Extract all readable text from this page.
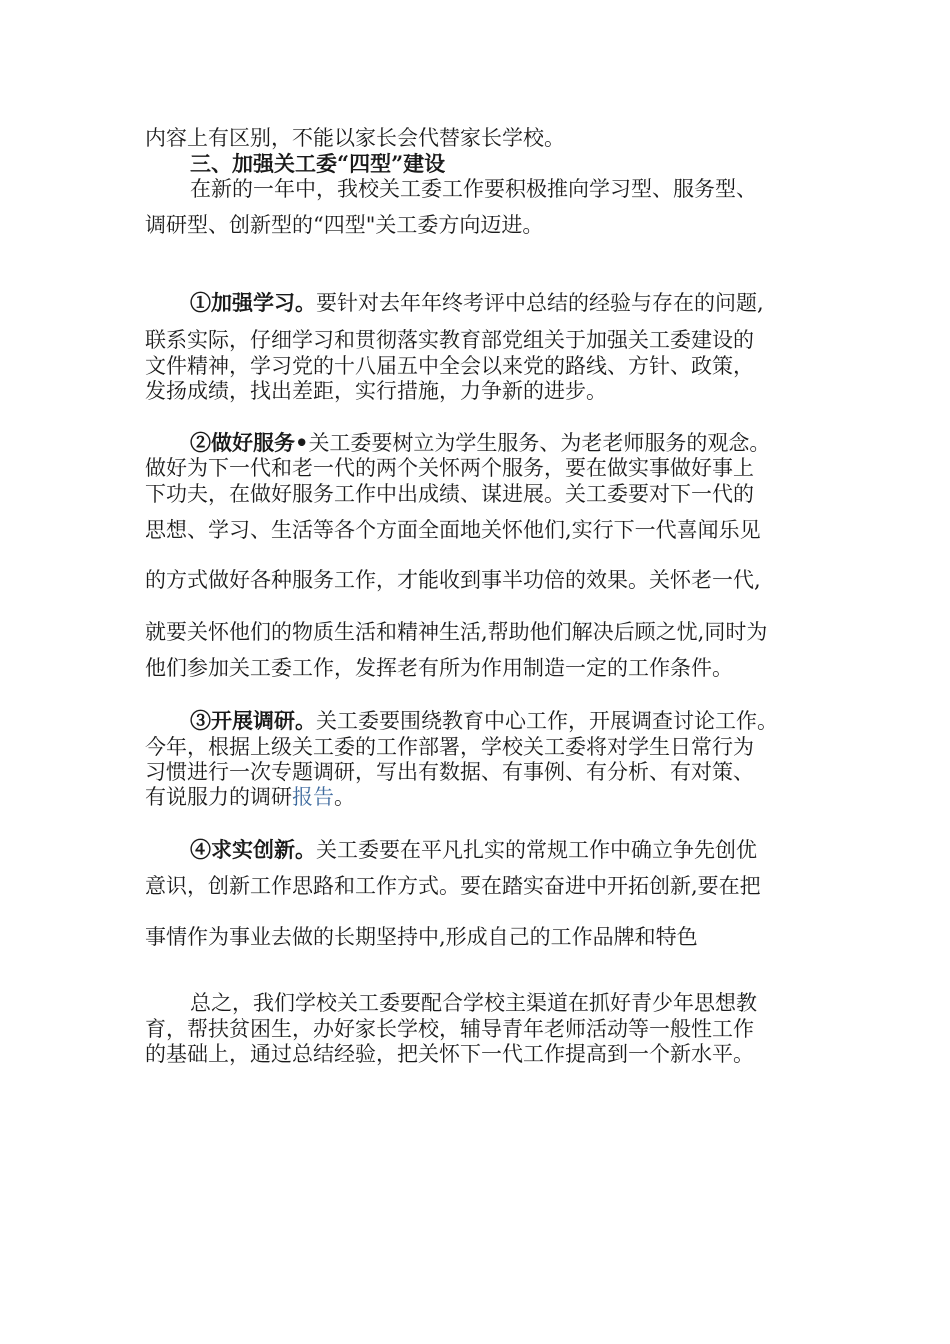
内容上有区别，不能以家长会代替家长学校。

三、加强关工委“四型”建设

在新的一年中，我校关工委工作要积极推向学习型、服务型、

调研型、创新型的“四型"关工委方向迈进。

①加强学习。要针对去年年终考评中总结的经验与存在的问题,

联系实际，仔细学习和贯彻落实教育部党组关于加强关工委建设的

文件精神，学习党的十八届五中全会以来党的路线、方针、政策，

发扬成绩，找出差距，实行措施，力争新的进步。

②做好服务•关工委要树立为学生服务、为老老师服务的观念。

做好为下一代和老一代的两个关怀两个服务，要在做实事做好事上

下功夫，在做好服务工作中出成绩、谋进展。关工委要对下一代的

思想、学习、生活等各个方面全面地关怀他们,实行下一代喜闻乐见

的方式做好各种服务工作，才能收到事半功倍的效果。关怀老一代,

就要关怀他们的物质生活和精神生活,帮助他们解决后顾之忧,同时为

他们参加关工委工作，发挥老有所为作用制造一定的工作条件。

③开展调研。关工委要围绕教育中心工作，开展调查讨论工作。

今年，根据上级关工委的工作部署，学校关工委将对学生日常行为

习惯进行一次专题调研，写出有数据、有事例、有分析、有对策、

有说服力的调研报告。

④求实创新。关工委要在平凡扎实的常规工作中确立争先创优

意识，创新工作思路和工作方式。要在踏实奋进中开拓创新,要在把

事情作为事业去做的长期坚持中,形成自己的工作品牌和特色

总之，我们学校关工委要配合学校主渠道在抓好青少年思想教

育，帮扶贫困生，办好家长学校，辅导青年老师活动等一般性工作

的基础上，通过总结经验，把关怀下一代工作提高到一个新水平。
